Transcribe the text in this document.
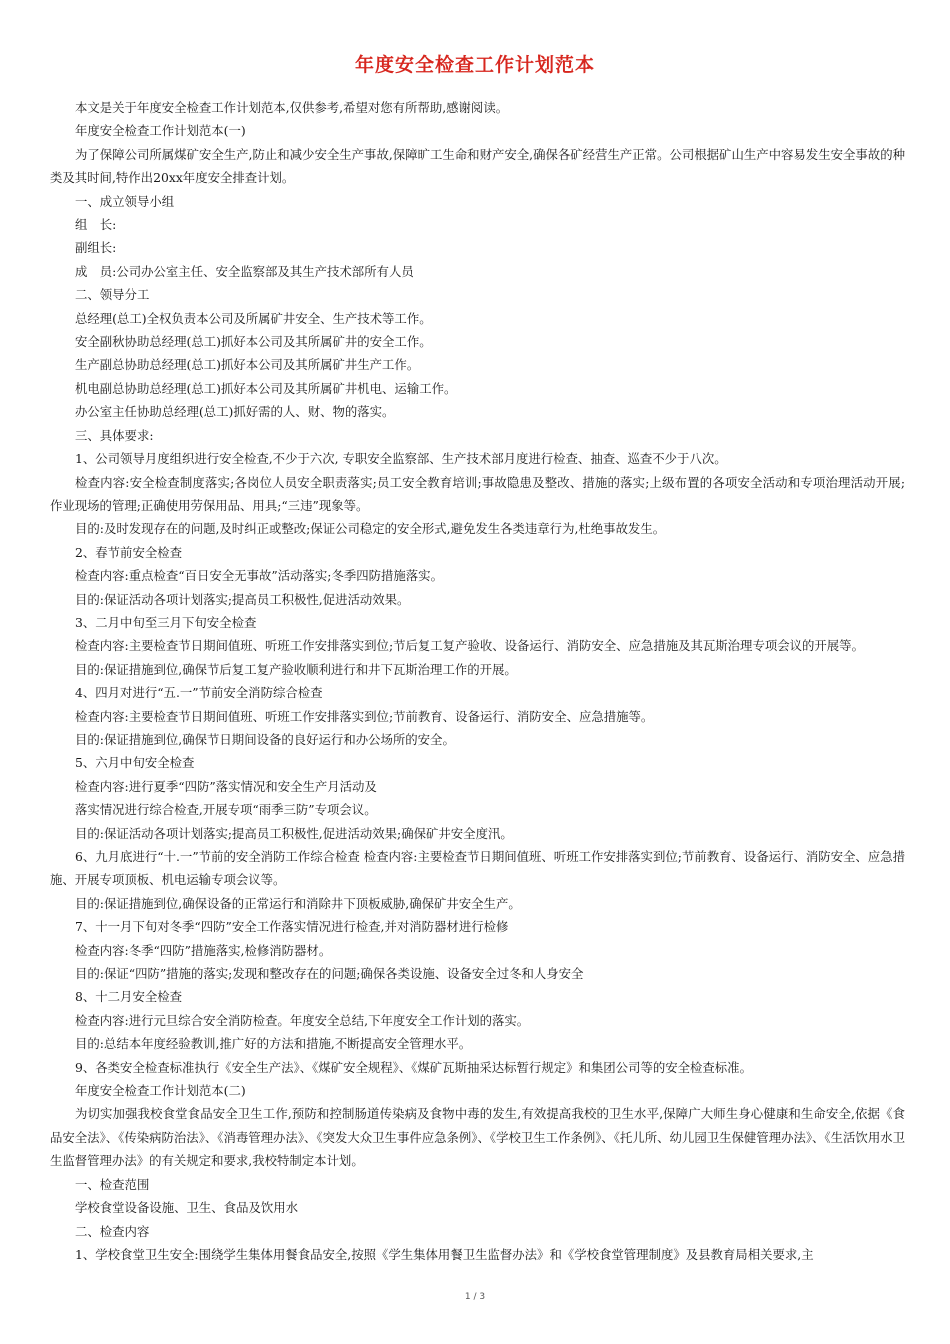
年度安全检查工作计划范本

本文是关于年度安全检查工作计划范本,仅供参考,希望对您有所帮助,感谢阅读。

年度安全检查工作计划范本(一)

为了保障公司所属煤矿安全生产,防止和减少安全生产事故,保障旷工生命和财产安全,确保各矿经营生产正常。公司根据矿山生产中容易发生安全事故的种类及其时间,特作出20xx年度安全排查计划。

一、成立领导小组

组　长:

副组长:

成　员:公司办公室主任、安全监察部及其生产技术部所有人员

二、领导分工

总经理(总工)全权负责本公司及所属矿井安全、生产技术等工作。

安全副秋协助总经理(总工)抓好本公司及其所属矿井的安全工作。

生产副总协助总经理(总工)抓好本公司及其所属矿井生产工作。

机电副总协助总经理(总工)抓好本公司及其所属矿井机电、运输工作。

办公室主任协助总经理(总工)抓好需的人、财、物的落实。

三、具体要求:

1、公司领导月度组织进行安全检查,不少于六次, 专职安全监察部、生产技术部月度进行检查、抽查、巡查不少于八次。

检查内容:安全检查制度落实;各岗位人员安全职责落实;员工安全教育培训;事故隐患及整改、措施的落实;上级布置的各项安全活动和专项治理活动开展;作业现场的管理;正确使用劳保用品、用具;“三违”现象等。

目的:及时发现存在的问题,及时纠正或整改;保证公司稳定的安全形式,避免发生各类违章行为,杜绝事故发生。

2、春节前安全检查

检查内容:重点检查“百日安全无事故”活动落实;冬季四防措施落实。

目的:保证活动各项计划落实;提高员工积极性,促进活动效果。

3、二月中旬至三月下旬安全检查

检查内容:主要检查节日期间值班、听班工作安排落实到位;节后复工复产验收、设备运行、消防安全、应急措施及其瓦斯治理专项会议的开展等。

目的:保证措施到位,确保节后复工复产验收顺利进行和井下瓦斯治理工作的开展。

4、四月对进行“五.一”节前安全消防综合检查

检查内容:主要检查节日期间值班、听班工作安排落实到位;节前教育、设备运行、消防安全、应急措施等。

目的:保证措施到位,确保节日期间设备的良好运行和办公场所的安全。

5、六月中旬安全检查

检查内容:进行夏季“四防”落实情况和安全生产月活动及

落实情况进行综合检查,开展专项“雨季三防”专项会议。

目的:保证活动各项计划落实;提高员工积极性,促进活动效果;确保矿井安全度汛。

6、九月底进行“十.一”节前的安全消防工作综合检查 检查内容:主要检查节日期间值班、听班工作安排落实到位;节前教育、设备运行、消防安全、应急措施、开展专项顶板、机电运输专项会议等。

目的:保证措施到位,确保设备的正常运行和消除井下顶板威胁,确保矿井安全生产。

7、十一月下旬对冬季“四防”安全工作落实情况进行检查,并对消防器材进行检修

检查内容:冬季“四防”措施落实,检修消防器材。

目的:保证“四防”措施的落实;发现和整改存在的问题;确保各类设施、设备安全过冬和人身安全

8、十二月安全检查

检查内容:进行元旦综合安全消防检查。年度安全总结,下年度安全工作计划的落实。

目的:总结本年度经验教训,推广好的方法和措施,不断提高安全管理水平。

9、各类安全检查标准执行《安全生产法》、《煤矿安全规程》、《煤矿瓦斯抽采达标暂行规定》和集团公司等的安全检查标准。

年度安全检查工作计划范本(二)

为切实加强我校食堂食品安全卫生工作,预防和控制肠道传染病及食物中毒的发生,有效提高我校的卫生水平,保障广大师生身心健康和生命安全,依据《食品安全法》、《传染病防治法》、《消毒管理办法》、《突发大众卫生事件应急条例》、《学校卫生工作条例》、《托儿所、幼儿园卫生保健管理办法》、《生活饮用水卫生监督管理办法》的有关规定和要求,我校特制定本计划。

一、检查范围

学校食堂设备设施、卫生、食品及饮用水

二、检查内容

1、学校食堂卫生安全:围绕学生集体用餐食品安全,按照《学生集体用餐卫生监督办法》和《学校食堂管理制度》及县教育局相关要求,主

1 / 3
